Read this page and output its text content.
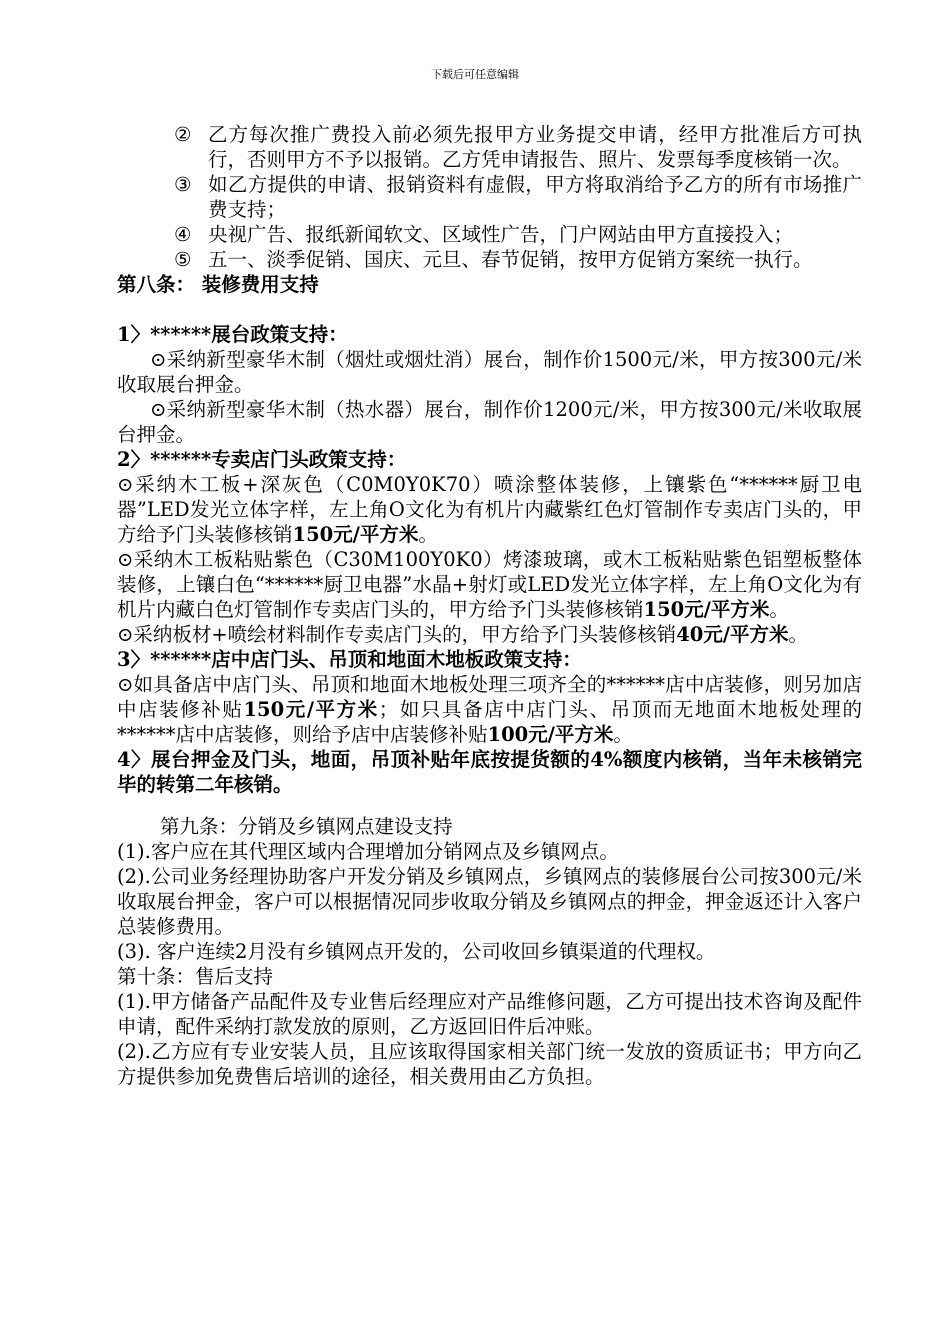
下载后可任意编辑
② 乙方每次推广费投入前必须先报甲方业务提交申请，经甲方批准后方可执行，否则甲方不予以报销。乙方凭申请报告、照片、发票每季度核销一次。
③ 如乙方提供的申请、报销资料有虚假，甲方将取消给予乙方的所有市场推广费支持；
④ 央视广告、报纸新闻软文、区域性广告，门户网站由甲方直接投入；
⑤ 五一、淡季促销、国庆、元旦、春节促销，按甲方促销方案统一执行。

第八条： 装修费用支持

1〉******展台政策支持：

⊙采纳新型豪华木制（烟灶或烟灶消）展台，制作价1500元/米，甲方按300元/米收取展台押金。

⊙采纳新型豪华木制（热水器）展台，制作价1200元/米，甲方按300元/米收取展台押金。

2〉******专卖店门头政策支持：

⊙采纳木工板+深灰色（C0M0Y0K70）喷涂整体装修，上镶紫色“******厨卫电器”LED发光立体字样，左上角O文化为有机片内藏紫红色灯管制作专卖店门头的，甲方给予门头装修核销150元/平方米。

⊙采纳木工板粘贴紫色（C30M100Y0K0）烤漆玻璃，或木工板粘贴紫色铝塑板整体装修，上镶白色“******厨卫电器”水晶+射灯或LED发光立体字样，左上角O文化为有机片内藏白色灯管制作专卖店门头的，甲方给予门头装修核销150元/平方米。

⊙采纳板材+喷绘材料制作专卖店门头的，甲方给予门头装修核销40元/平方米。

3〉******店中店门头、吊顶和地面木地板政策支持：

⊙如具备店中店门头、吊顶和地面木地板处理三项齐全的******店中店装修，则另加店中店装修补贴150元/平方米；如只具备店中店门头、吊顶而无地面木地板处理的******店中店装修，则给予店中店装修补贴100元/平方米。

4〉展台押金及门头，地面，吊顶补贴年底按提货额的4%额度内核销，当年未核销完毕的转第二年核销。

第九条：分销及乡镇网点建设支持

(1).客户应在其代理区域内合理增加分销网点及乡镇网点。

(2).公司业务经理协助客户开发分销及乡镇网点，乡镇网点的装修展台公司按300元/米收取展台押金，客户可以根据情况同步收取分销及乡镇网点的押金，押金返还计入客户总装修费用。

(3). 客户连续2月没有乡镇网点开发的，公司收回乡镇渠道的代理权。

第十条：售后支持

(1).甲方储备产品配件及专业售后经理应对产品维修问题，乙方可提出技术咨询及配件申请，配件采纳打款发放的原则，乙方返回旧件后冲账。

(2).乙方应有专业安装人员，且应该取得国家相关部门统一发放的资质证书；甲方向乙方提供参加免费售后培训的途径，相关费用由乙方负担。
